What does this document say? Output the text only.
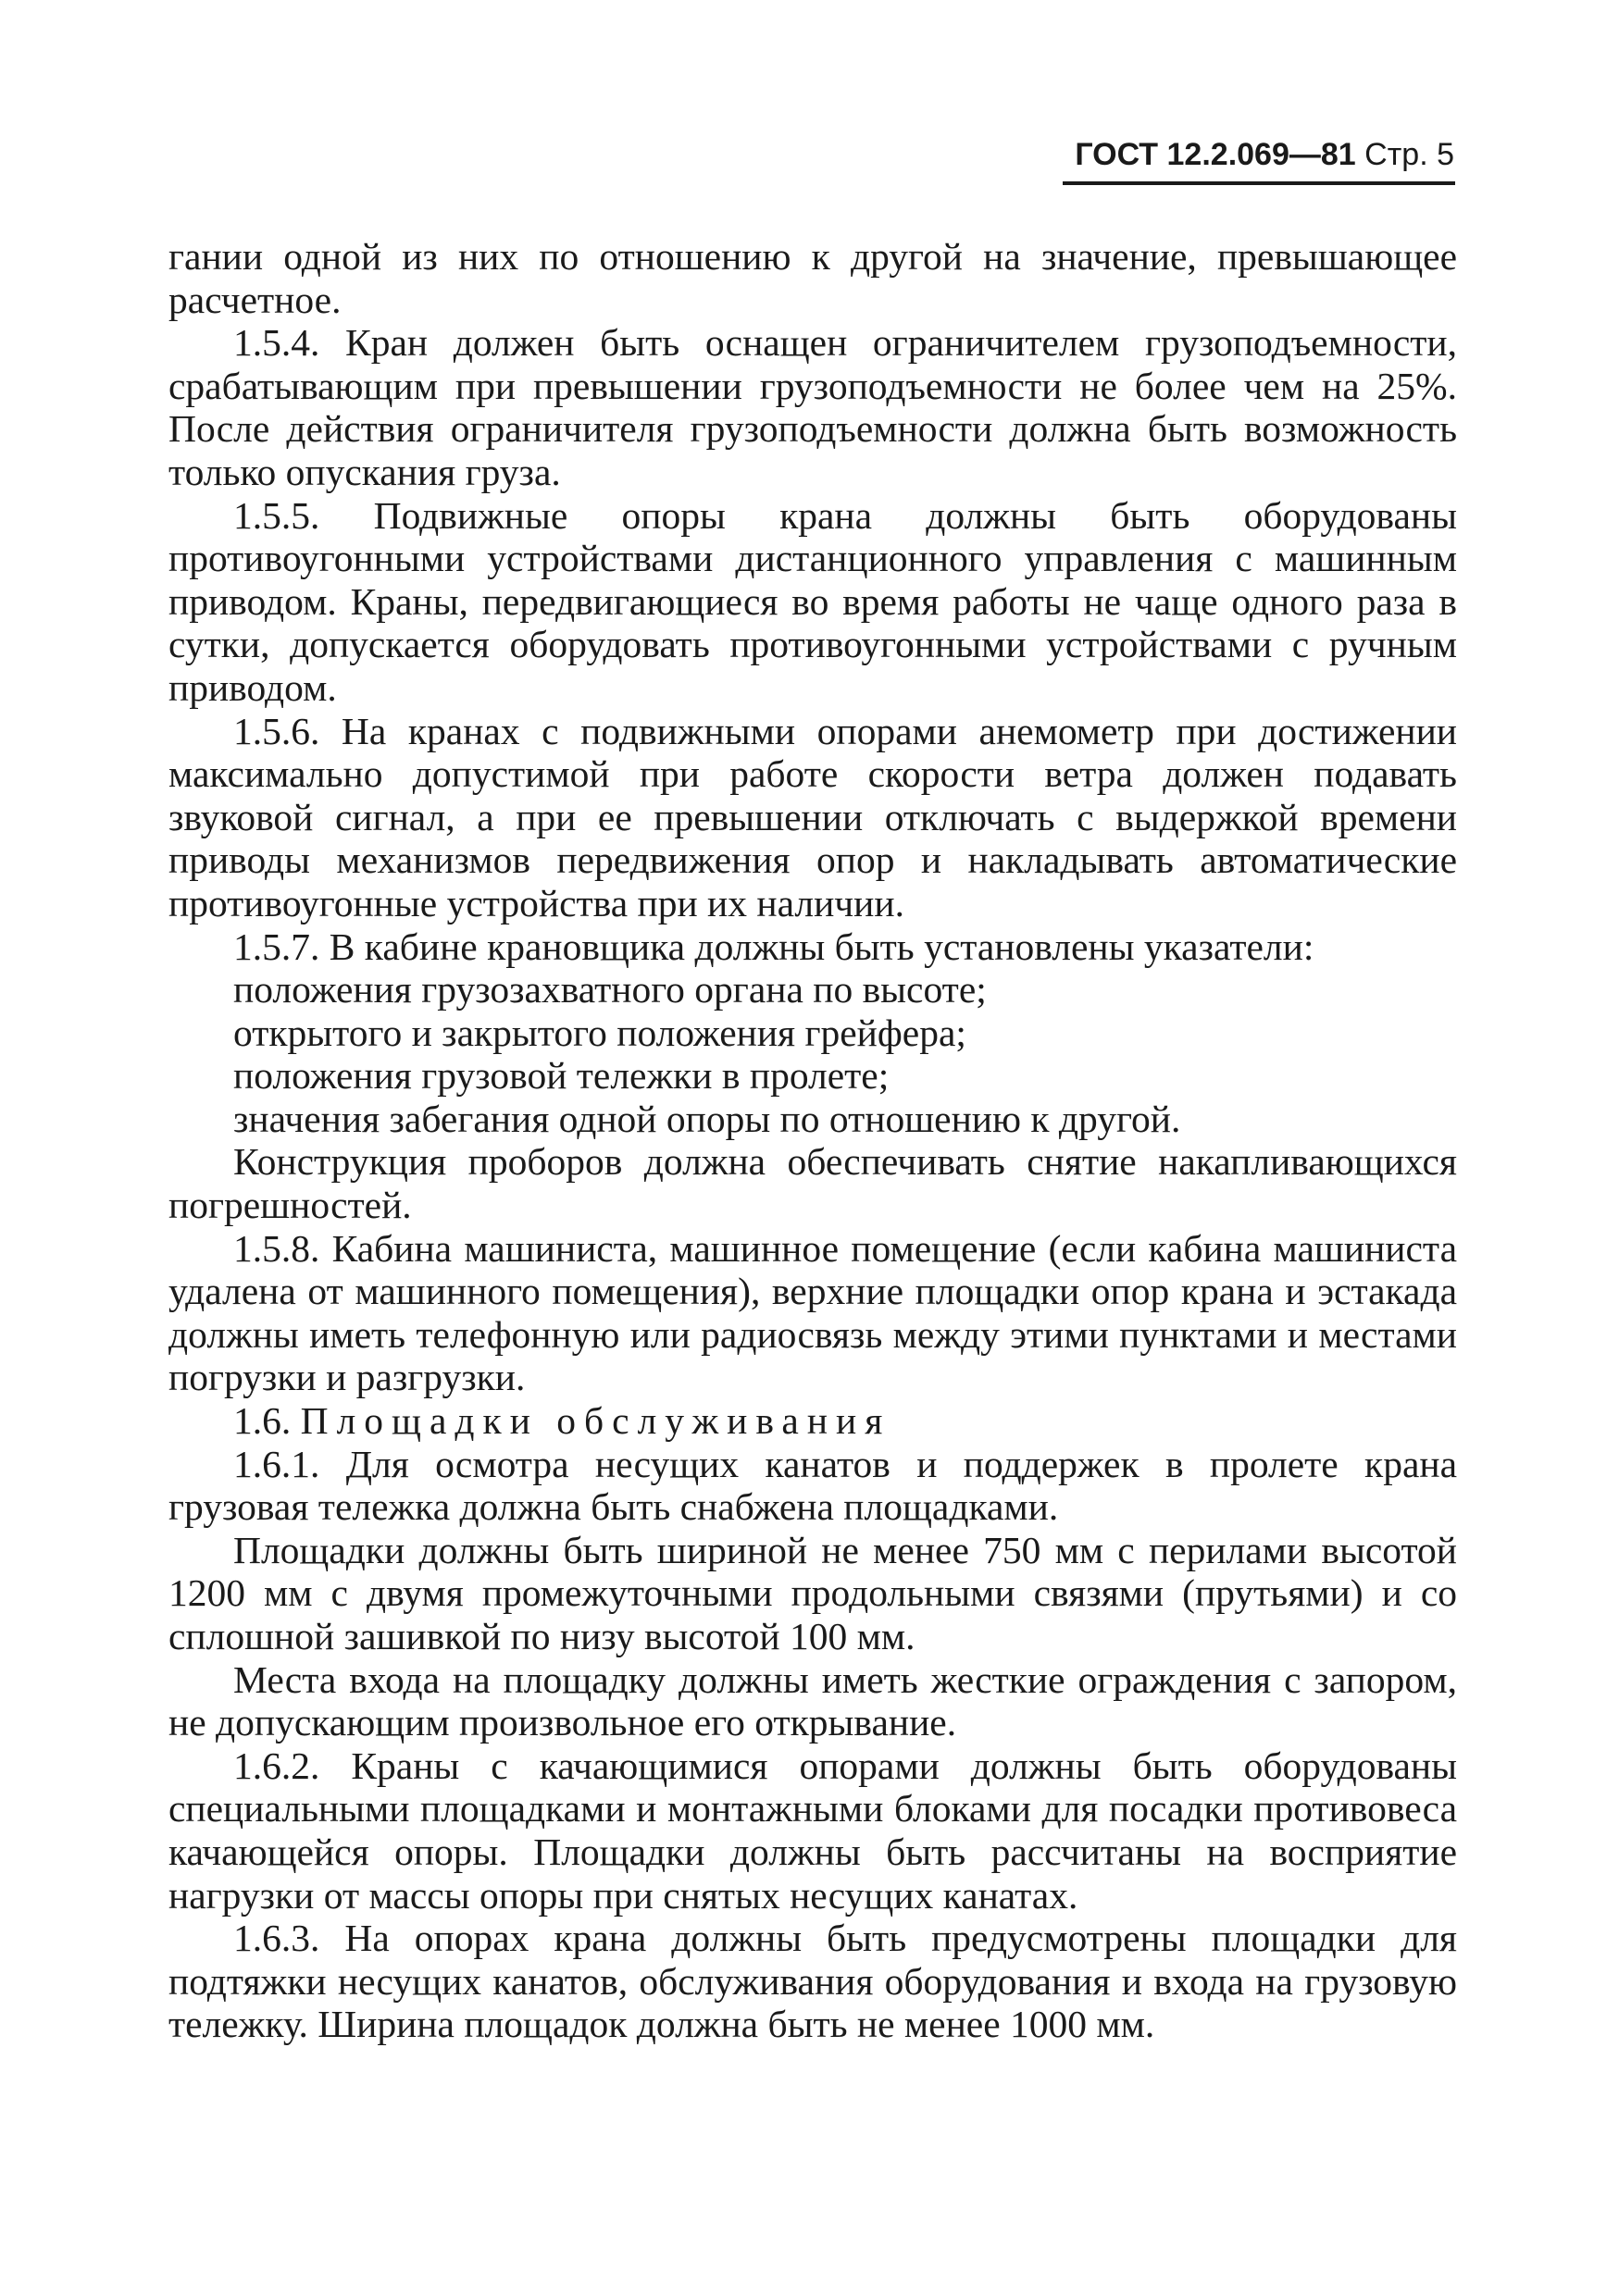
ГОСТ 12.2.069—81 Стр. 5

гании одной из них по отношению к другой на значение, превышающее расчетное.

1.5.4. Кран должен быть оснащен ограничителем грузоподъемности, срабатывающим при превышении грузоподъемности не более чем на 25%. После действия ограничителя грузоподъемности должна быть возможность только опускания груза.

1.5.5. Подвижные опоры крана должны быть оборудованы противоугонными устройствами дистанционного управления с машинным приводом. Краны, передвигающиеся во время работы не чаще одного раза в сутки, допускается оборудовать противоугонными устройствами с ручным приводом.

1.5.6. На кранах с подвижными опорами анемометр при достижении максимально допустимой при работе скорости ветра должен подавать звуковой сигнал, а при ее превышении отключать с выдержкой времени приводы механизмов передвижения опор и накладывать автоматические противоугонные устройства при их наличии.

1.5.7. В кабине крановщика должны быть установлены указатели:

положения грузозахватного органа по высоте;

открытого и закрытого положения грейфера;

положения грузовой тележки в пролете;

значения забегания одной опоры по отношению к другой.

Конструкция проборов должна обеспечивать снятие накапливающихся погрешностей.

1.5.8. Кабина машиниста, машинное помещение (если кабина машиниста удалена от машинного помещения), верхние площадки опор крана и эстакада должны иметь телефонную или радиосвязь между этими пунктами и местами погрузки и разгрузки.

1.6. Площадки обслуживания

1.6.1. Для осмотра несущих канатов и поддержек в пролете крана грузовая тележка должна быть снабжена площадками.

Площадки должны быть шириной не менее 750 мм с перилами высотой 1200 мм с двумя промежуточными продольными связями (прутьями) и со сплошной зашивкой по низу высотой 100 мм.

Места входа на площадку должны иметь жесткие ограждения с запором, не допускающим произвольное его открывание.

1.6.2. Краны с качающимися опорами должны быть оборудованы специальными площадками и монтажными блоками для посадки противовеса качающейся опоры. Площадки должны быть рассчитаны на восприятие нагрузки от массы опоры при снятых несущих канатах.

1.6.3. На опорах крана должны быть предусмотрены площадки для подтяжки несущих канатов, обслуживания оборудования и входа на грузовую тележку. Ширина площадок должна быть не менее 1000 мм.
